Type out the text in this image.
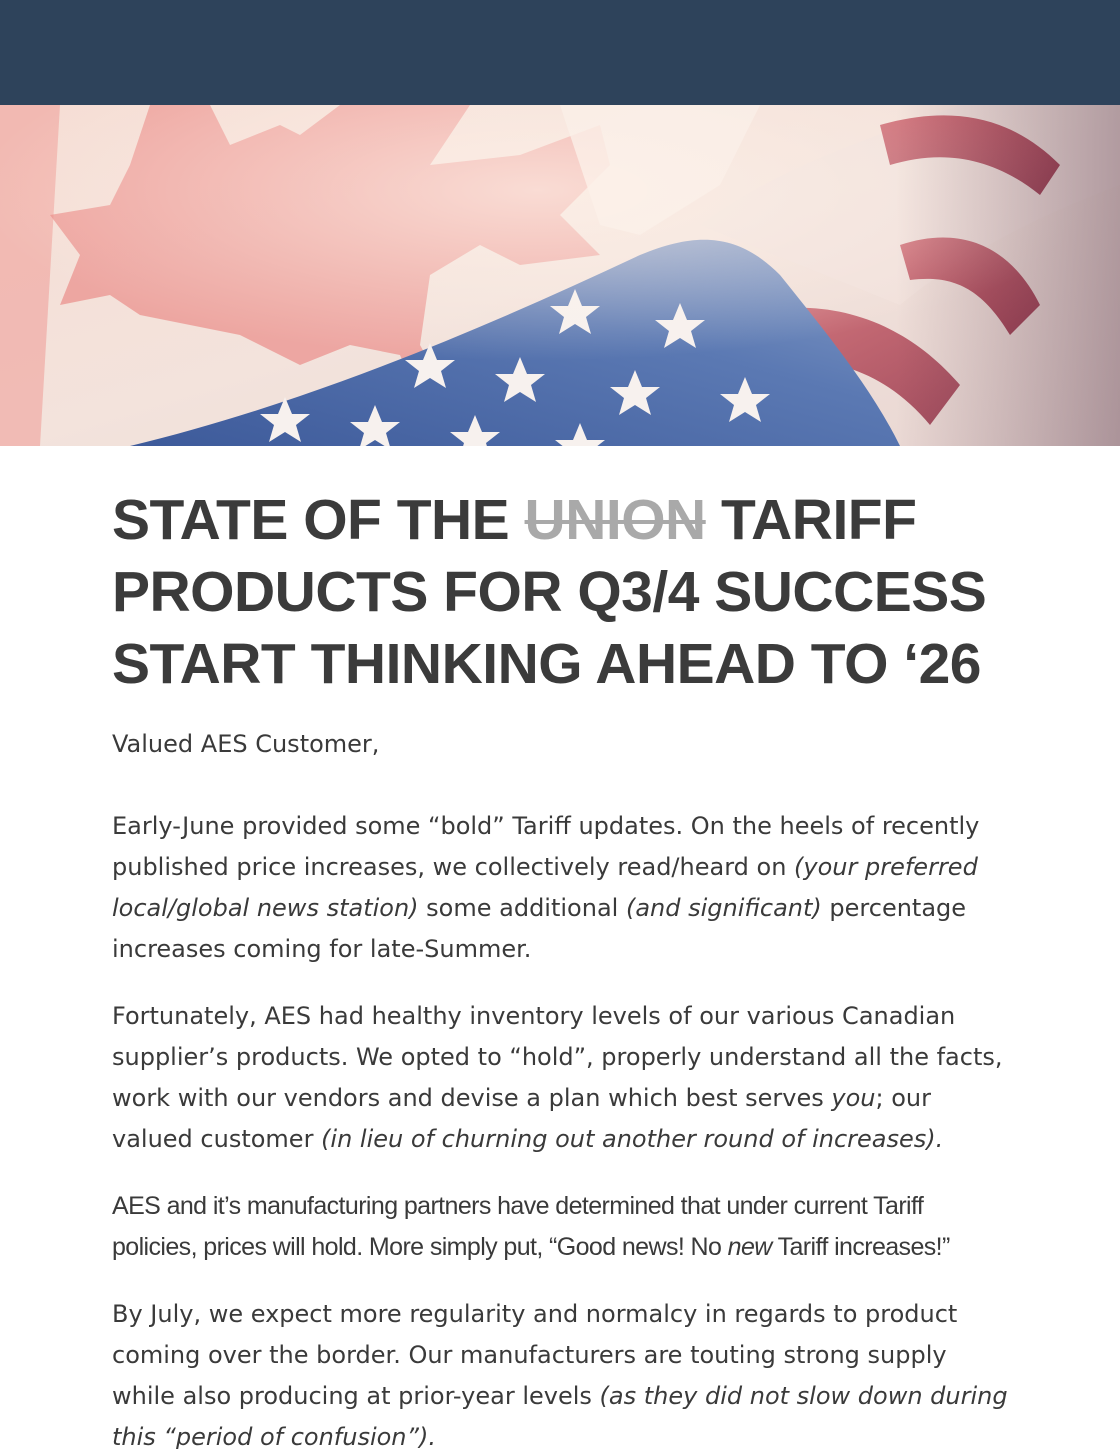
STATE OF THE UNION TARIFF
PRODUCTS FOR Q3/4 SUCCESS
START THINKING AHEAD TO ‘26

Valued AES Customer,

Early-June provided some “bold” Tariff updates. On the heels of recently published price increases, we collectively read/heard on (your preferred local/global news station) some additional (and significant) percentage increases coming for late-Summer.

Fortunately, AES had healthy inventory levels of our various Canadian supplier’s products. We opted to “hold”, properly understand all the facts, work with our vendors and devise a plan which best serves you; our valued customer (in lieu of churning out another round of increases).

AES and it’s manufacturing partners have determined that under current Tariff policies, prices will hold. More simply put, “Good news! No new Tariff increases!”

By July, we expect more regularity and normalcy in regards to product coming over the border. Our manufacturers are touting strong supply while also producing at prior-year levels (as they did not slow down during this “period of confusion”).
